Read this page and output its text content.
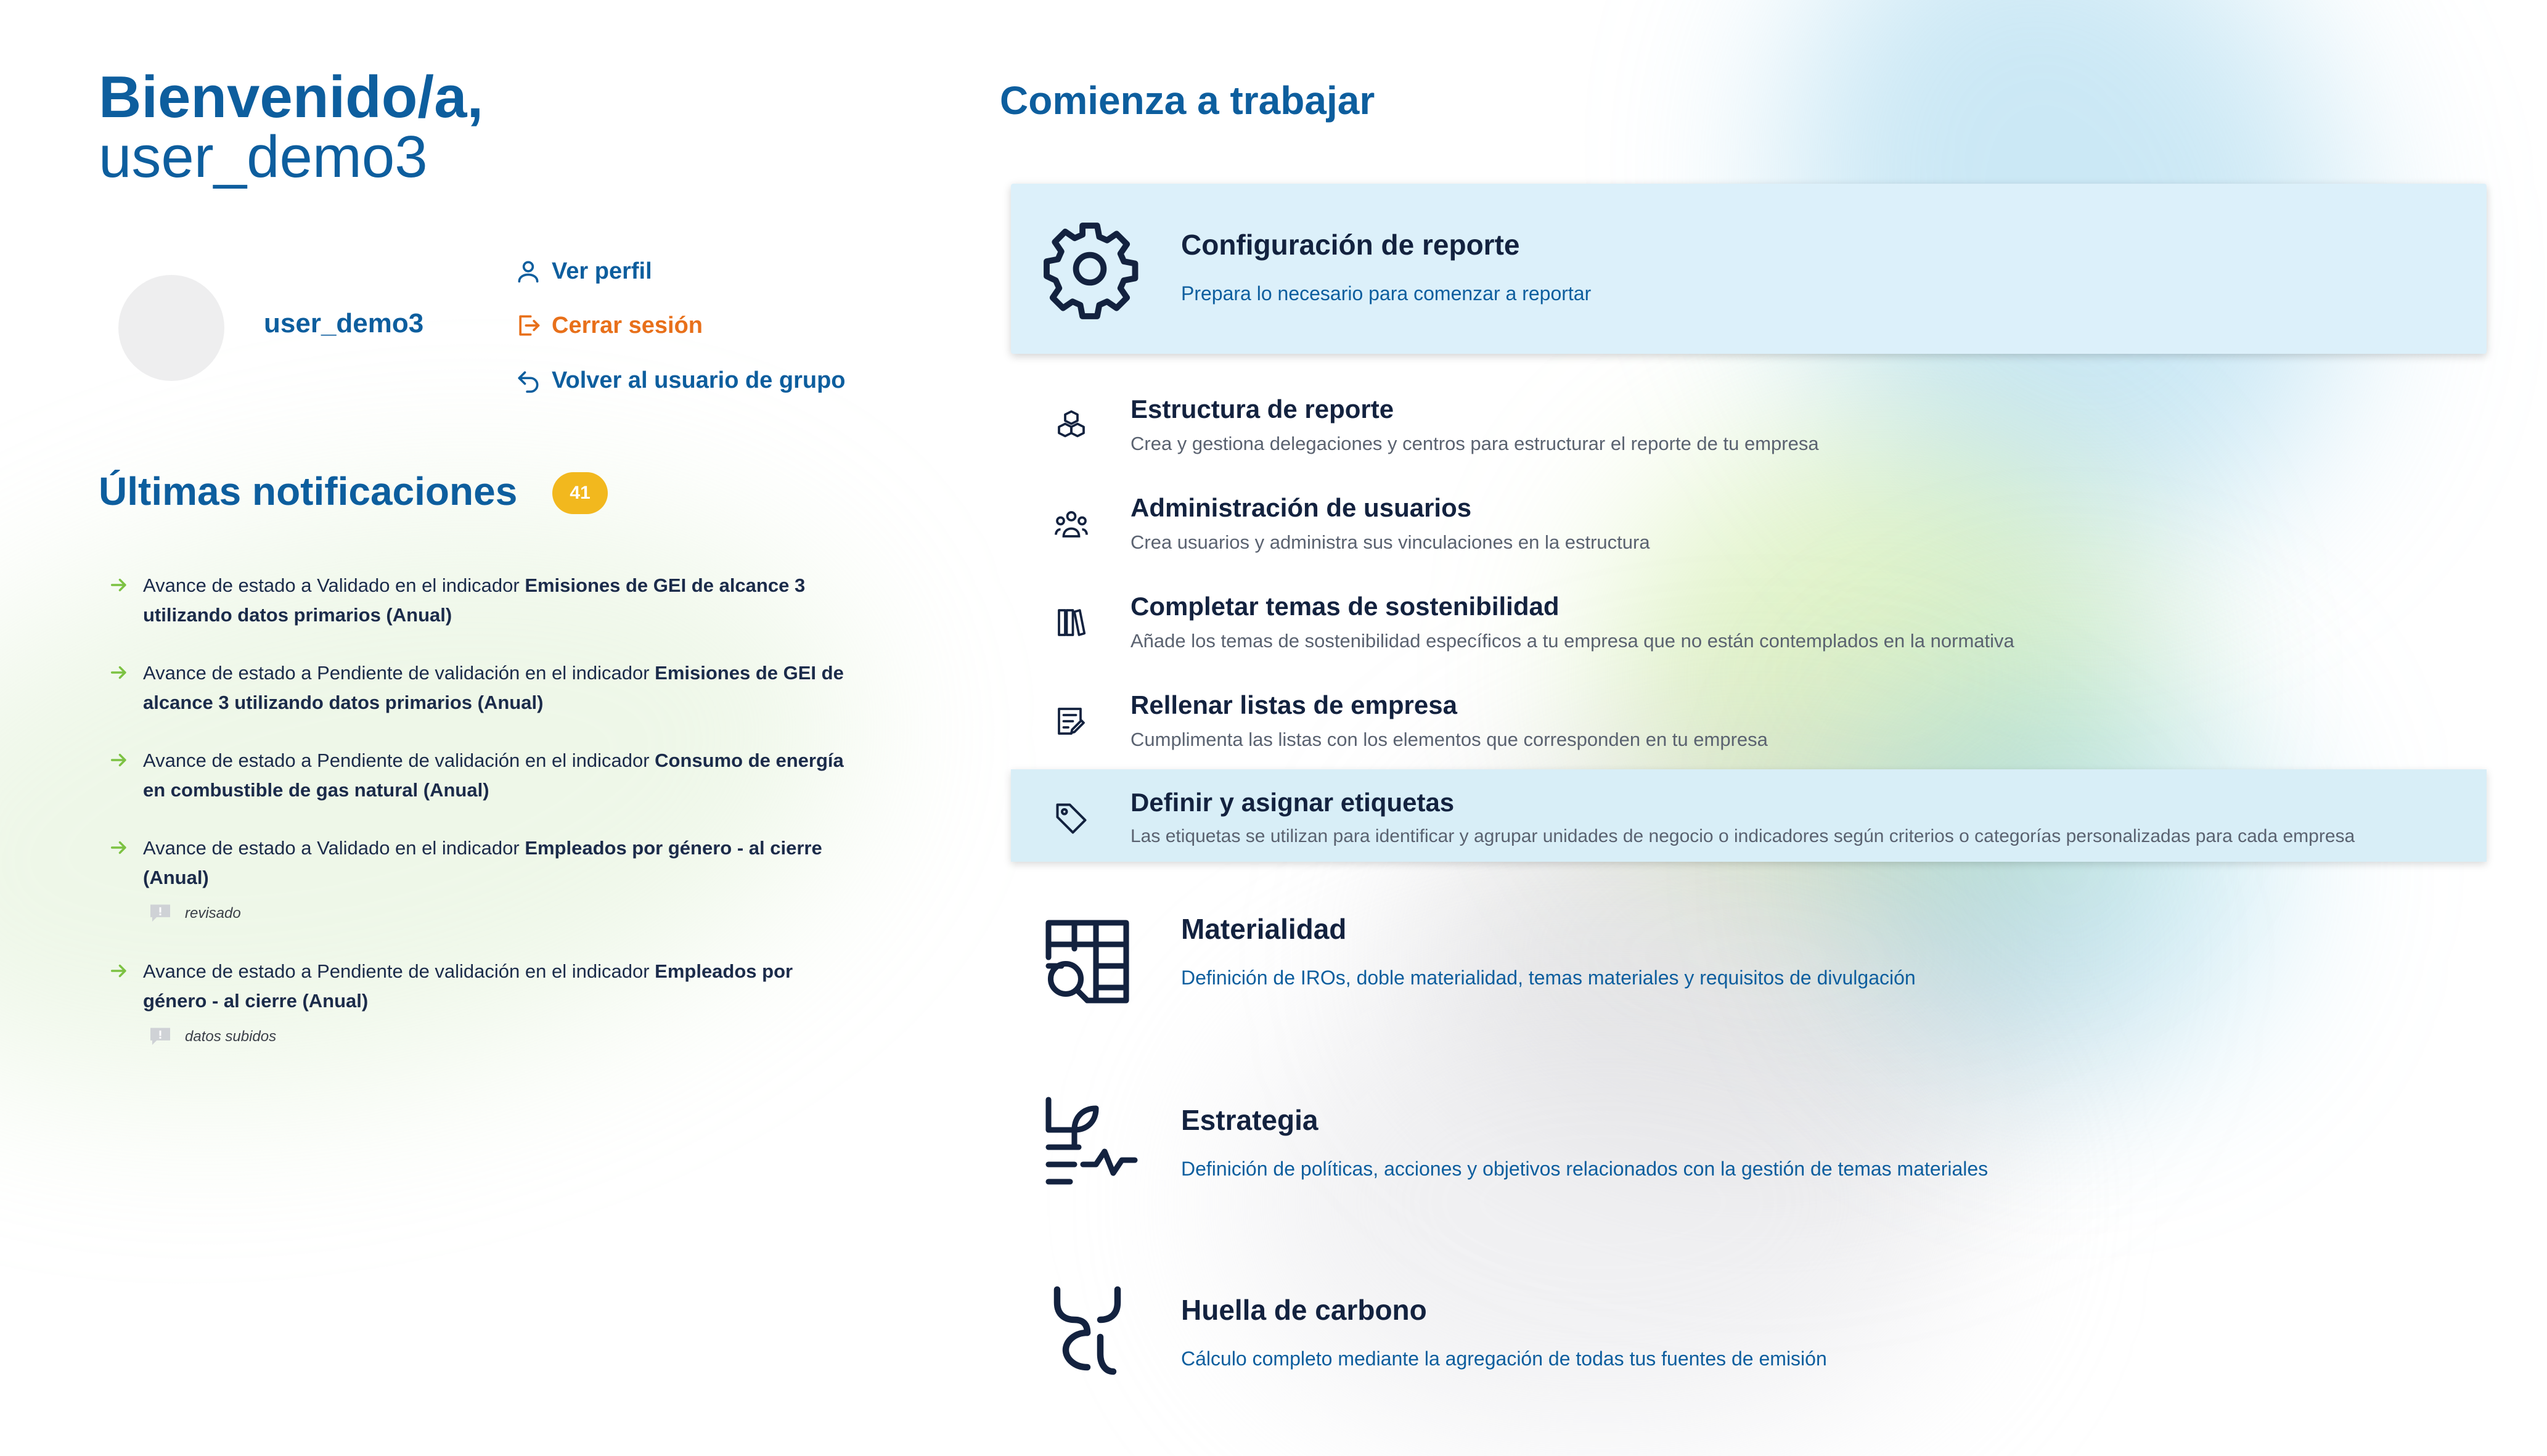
Bienvenido/a,
user_demo3
user_demo3
Ver perfil
Cerrar sesión
Volver al usuario de grupo
Últimas notificaciones	41
Avance de estado a Validado en el indicador Emisiones de GEI de alcance 3 utilizando datos primarios (Anual)
Avance de estado a Pendiente de validación en el indicador Emisiones de GEI de alcance 3 utilizando datos primarios (Anual)
Avance de estado a Pendiente de validación en el indicador Consumo de energía en combustible de gas natural (Anual)
Avance de estado a Validado en el indicador Empleados por género - al cierre (Anual)
revisado
Avance de estado a Pendiente de validación en el indicador Empleados por género - al cierre (Anual)
datos subidos
Comienza a trabajar
Configuración de reporte
Prepara lo necesario para comenzar a reportar
Estructura de reporte
Crea y gestiona delegaciones y centros para estructurar el reporte de tu empresa
Administración de usuarios
Crea usuarios y administra sus vinculaciones en la estructura
Completar temas de sostenibilidad
Añade los temas de sostenibilidad específicos a tu empresa que no están contemplados en la normativa
Rellenar listas de empresa
Cumplimenta las listas con los elementos que corresponden en tu empresa
Definir y asignar etiquetas
Las etiquetas se utilizan para identificar y agrupar unidades de negocio o indicadores según criterios o categorías personalizadas para cada empresa
Materialidad
Definición de IROs, doble materialidad, temas materiales y requisitos de divulgación
Estrategia
Definición de políticas, acciones y objetivos relacionados con la gestión de temas materiales
Huella de carbono
Cálculo completo mediante la agregación de todas tus fuentes de emisión
